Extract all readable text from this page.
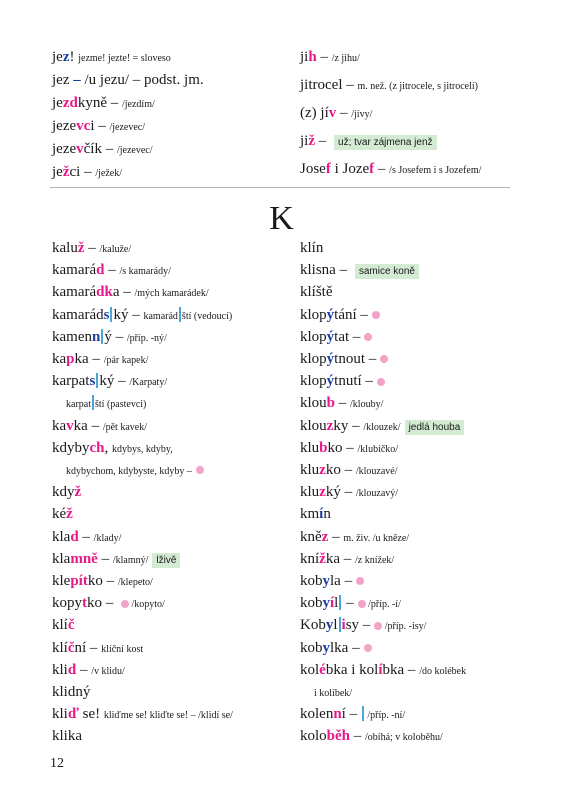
jez! jezme! jezte! = sloveso
jez – /u jezu/ – podst. jm.
jezdkyně – /jezdím/
jezevci – /jezevec/
jezevčík – /jezevec/
ježci – /ježek/
jih – /z jihu/
jitrocel – m. než. (z jitrocele, s jitrocelí)
(z) jív – /jívy/
již – už; tvar zájmena jenž
Josef i Jozef – /s Josefem i s Jozefem/
K
kaluž – /kaluže/
kamarád – /s kamarády/
kamarádka – /mých kamarádek/
kamaráds ký – kamarád ští (vedoucí)
kamenn ý – /příp. -ný/
kapka – /pár kapek/
karpats ký – /Karpaty/
karpat ští (pastevci)
kavka – /pět kavek/
kdybych, kdybys, kdyby,
kdybychom, kdybyste, kdyby –
když
kéž
klad – /klady/
klamně – /klamný/ lživě
klepítko – /klepeto/
kopytko –  /kopyto/
klíč
klíční – klíční kost
klid – /v klidu/
klidný
kliď se! kliďme se! kliďte se! – /klidí se/
klika
klín
klisna – samice koně
klíště
klopýtání –
klopýtat –
klopýtnout –
klopýtnutí –
kloub – /klouby/
klouzky – /klouzek/ jedlá houba
klubko – /klubíčko/
kluzko – /klouzavé/
kluzký – /klouzavý/
kmín
kněz – m. živ. /u kněze/
knížka – /z knížek/
kobyla –
kobyíl – /příp. -í/
Kobyl isy – /příp. -isy/
kobylka –
kolébka i kolíbka – /do kolébek
i kolíbek/
kolenní –  /příp. -ní/
koloběh – /obíhá; v koloběhu/
12
